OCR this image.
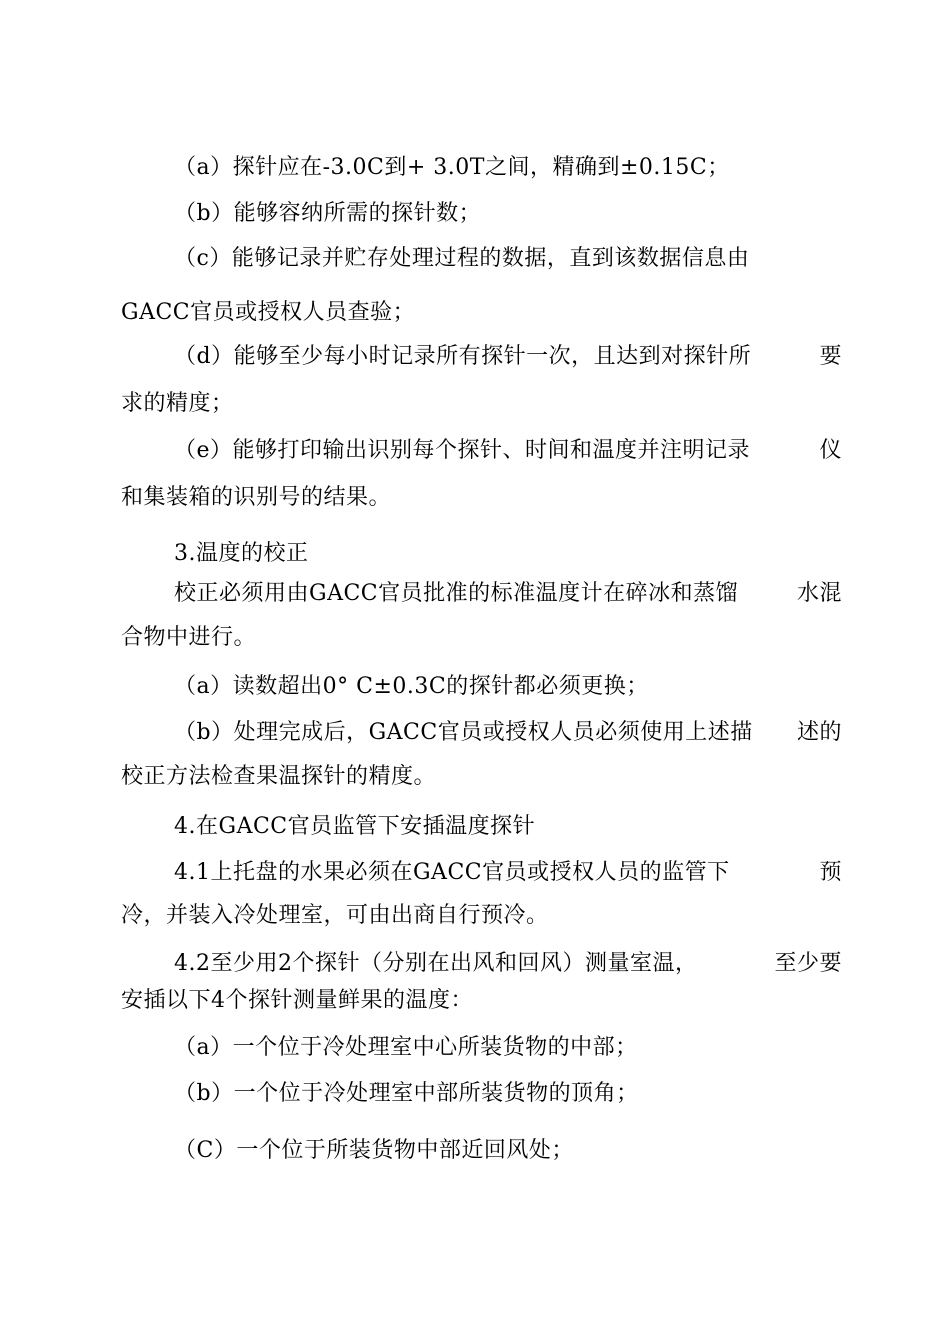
（a）探针应在-3.0C到+ 3.0T之间，精确到±0.15C；
（b）能够容纳所需的探针数；
（c）能够记录并贮存处理过程的数据，直到该数据信息由
GACC官员或授权人员查验；
（d）能够至少每小时记录所有探针一次，且达到对探针所	要
求的精度；
（e）能够打印输出识别每个探针、时间和温度并注明记录	仪
和集装箱的识别号的结果。
3.温度的校正
校正必须用由GACC官员批准的标准温度计在碎冰和蒸馏	水混
合物中进行。
（a）读数超出0° C±0.3C的探针都必须更换；
（b）处理完成后，GACC官员或授权人员必须使用上述描 述的
校正方法检查果温探针的精度。
4.在GACC官员监管下安插温度探针
4.1上托盘的水果必须在GACC官员或授权人员的监管下	预
冷，并装入冷处理室，可由出商自行预冷。
4.2至少用2个探针（分别在出风和回风）测量室温，	至少要
安插以下4个探针测量鲜果的温度：
（a）一个位于冷处理室中心所装货物的中部；
（b）一个位于冷处理室中部所装货物的顶角；
（C）一个位于所装货物中部近回风处；
